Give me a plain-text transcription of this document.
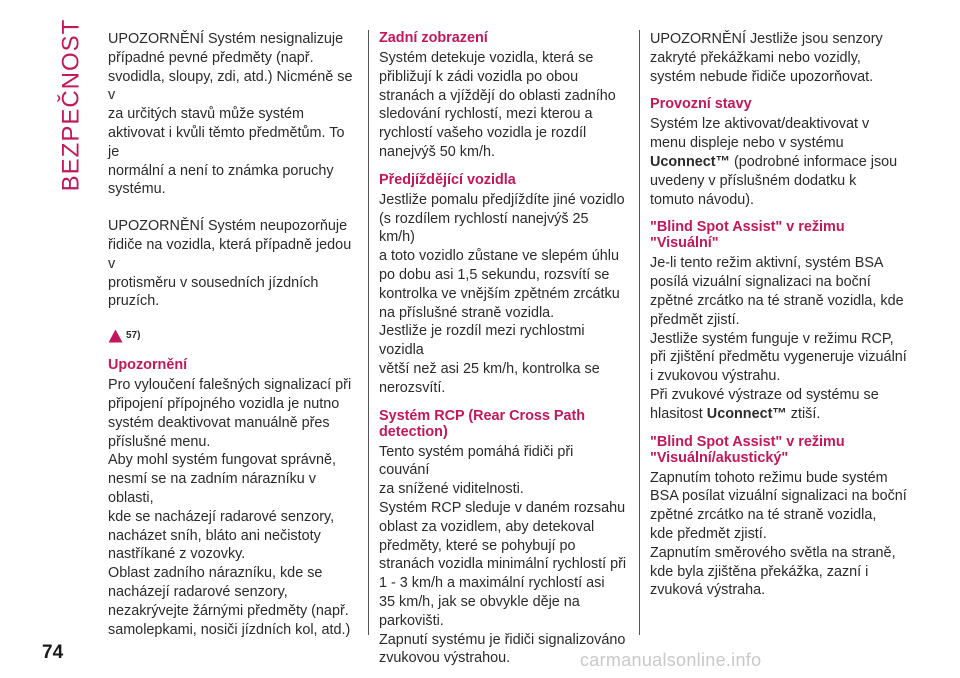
BEZPEČNOST UPOZORNĚNÍ Systém nesignalizuje
případné pevné předměty (např.
svodidla, sloupy, zdi, atd.) Nicméně se v
za určitých stavů může systém
aktivovat i kvůli těmto předmětům. To je
normální a není to známka poruchy
systému.

UPOZORNĚNÍ Systém neupozorňuje
řidiče na vozidla, která případně jedou v
protisměru v sousedních jízdních
pruzích.

57)
Upozornění

Pro vyloučení falešných signalizací při
připojení přípojného vozidla je nutno
systém deaktivovat manuálně přes
příslušné menu.
Aby mohl systém fungovat správně,
nesmí se na zadním nárazníku v oblasti,
kde se nacházejí radarové senzory,
nacházet sníh, bláto ani nečistoty
nastříkané z vozovky.
Oblast zadního nárazníku, kde se
nacházejí radarové senzory,
nezakrývejte žárnými předměty (např.
samolepkami, nosiči jízdních kol, atd.)

Zadní zobrazení

Systém detekuje vozidla, která se
přibližují k zádi vozidla po obou
stranách a vjíždějí do oblasti zadního
sledování rychlostí, mezi kterou a
rychlostí vašeho vozidla je rozdíl
nanejvýš 50 km/h.

Předjíždějící vozidla

Jestliže pomalu předjíždíte jiné vozidlo
(s rozdílem rychlostí nanejvýš 25 km/h)
a toto vozidlo zůstane ve slepém úhlu
po dobu asi 1,5 sekundu, rozsvítí se
kontrolka ve vnějším zpětném zrcátku
na příslušné straně vozidla.
Jestliže je rozdíl mezi rychlostmi vozidla
větší než asi 25 km/h, kontrolka se
nerozsvítí.

Systém RCP (Rear Cross Path
detection)

Tento systém pomáhá řidiči při couvání
za snížené viditelnosti.
Systém RCP sleduje v daném rozsahu
oblast za vozidlem, aby detekoval
předměty, které se pohybují po
stranách vozidla minimální rychlostí při
1 - 3 km/h a maximální rychlostí asi
35 km/h, jak se obvykle děje na
parkovišti.
Zapnutí systému je řidiči signalizováno
zvukovou výstrahou.

UPOZORNĚNÍ Jestliže jsou senzory
zakryté překážkami nebo vozidly,
systém nebude řidiče upozorňovat.

Provozní stavy

Systém lze aktivovat/deaktivovat v
menu displeje nebo v systému
Uconnect™ (podrobné informace jsou
uvedeny v příslušném dodatku k
tomuto návodu).

"Blind Spot Assist" v režimu
"Visuální"

Je-li tento režim aktivní, systém BSA
posílá vizuální signalizaci na boční
zpětné zrcátko na té straně vozidla, kde
předmět zjistí.
Jestliže systém funguje v režimu RCP,
při zjištění předmětu vygeneruje vizuální
i zvukovou výstrahu.
Při zvukové výstraze od systému se
hlasitost Uconnect™ ztiší.

"Blind Spot Assist" v režimu
"Visuální/akustický"

Zapnutím tohoto režimu bude systém
BSA posílat vizuální signalizaci na boční
zpětné zrcátko na té straně vozidla,
kde předmět zjistí.
Zapnutím směrového světla na straně,
kde byla zjištěna překážka, zazní i
zvuková výstraha.

74	carmanualsonline.info
